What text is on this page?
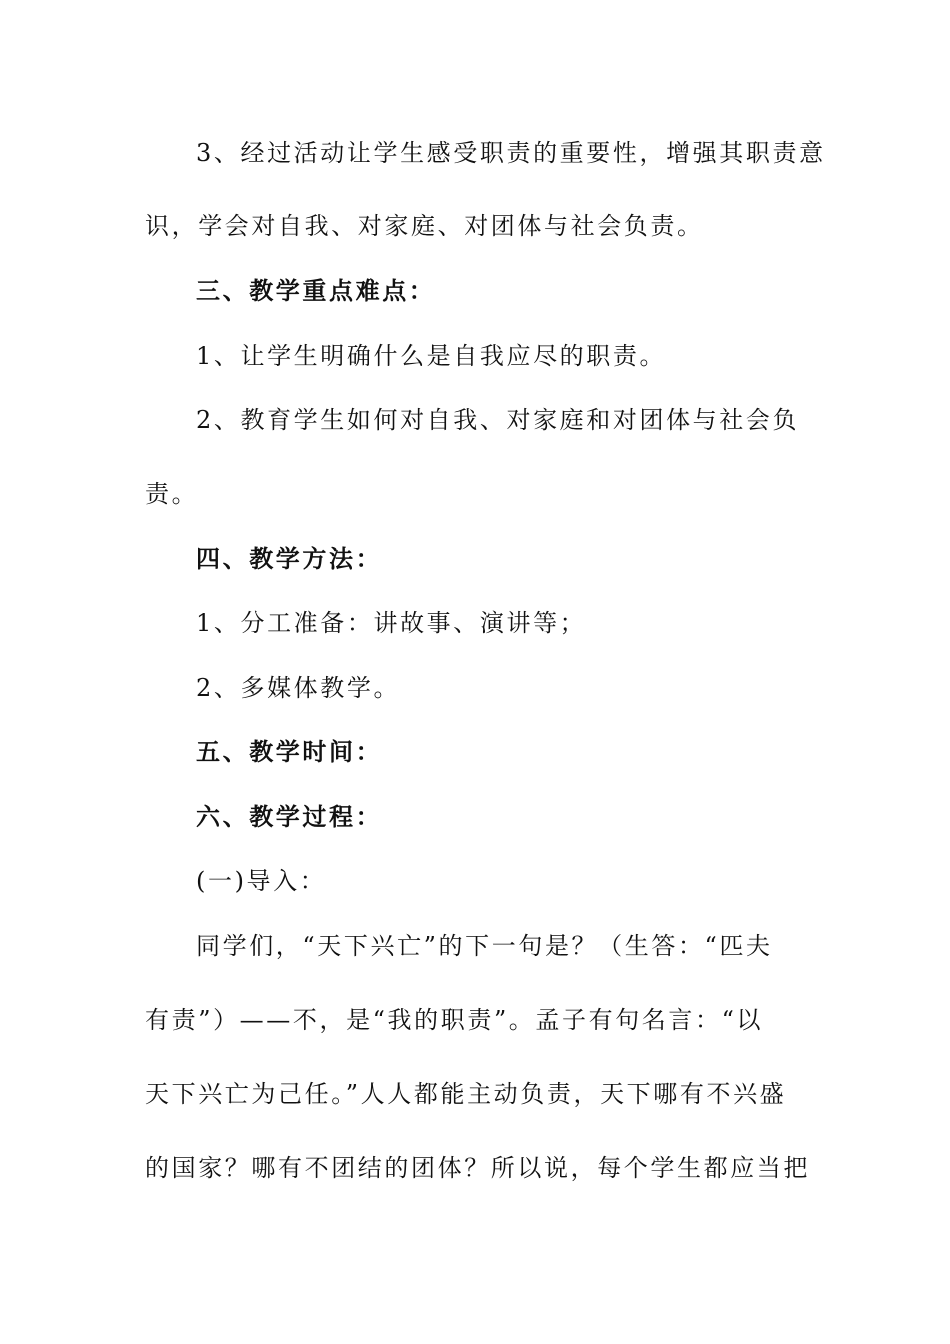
3、经过活动让学生感受职责的重要性，增强其职责意
识，学会对自我、对家庭、对团体与社会负责。
三、教学重点难点：
1、让学生明确什么是自我应尽的职责。
2、教育学生如何对自我、对家庭和对团体与社会负
责。
四、教学方法：
1、分工准备：讲故事、演讲等；
2、多媒体教学。
五、教学时间：
六、教学过程：
(一)导入：
同学们，“天下兴亡”的下一句是？（生答：“匹夫
有责”）——不，是“我的职责”。孟子有句名言：“以
天下兴亡为己任。”人人都能主动负责，天下哪有不兴盛
的国家？哪有不团结的团体？所以说，每个学生都应当把
